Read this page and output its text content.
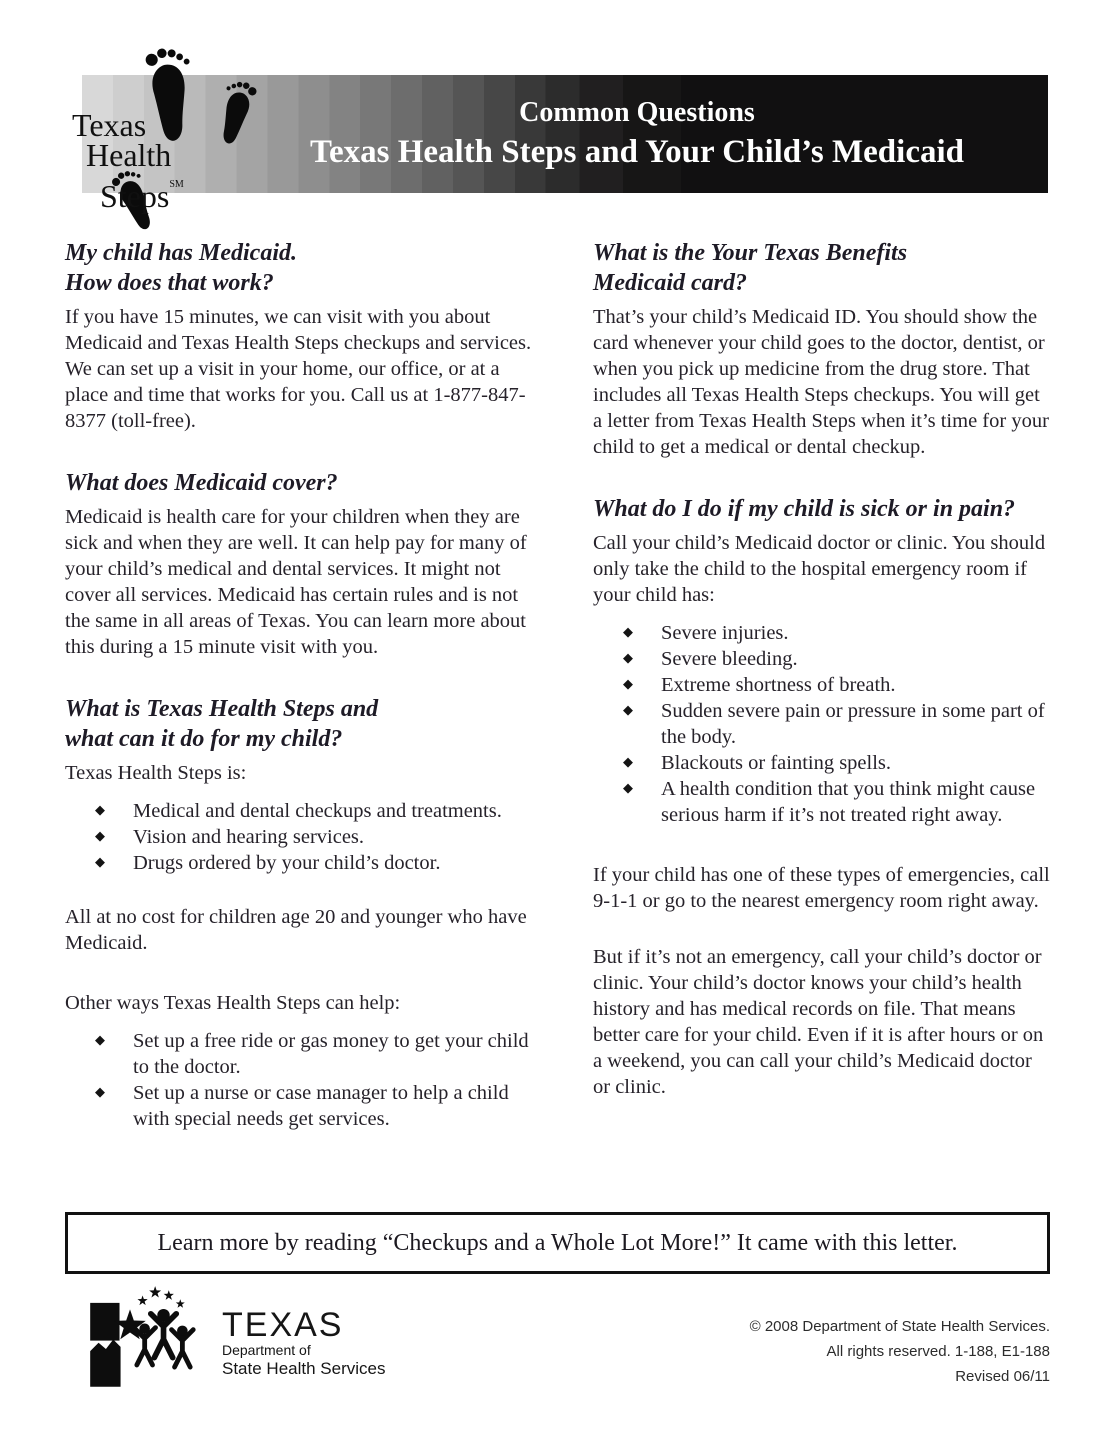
Common Questions
Texas Health Steps and Your Child’s Medicaid
Texas
Health
Steps℠
My child has Medicaid.
How does that work?

If you have 15 minutes, we can visit with you about Medicaid and Texas Health Steps checkups and services. We can set up a visit in your home, our office, or at a place and time that works for you. Call us at 1-877-847-8377 (toll-free).

What does Medicaid cover?

Medicaid is health care for your children when they are sick and when they are well. It can help pay for many of your child’s medical and dental services. It might not cover all services. Medicaid has certain rules and is not the same in all areas of Texas. You can learn more about this during a 15 minute visit with you.

What is Texas Health Steps and
what can it do for my child?

Texas Health Steps is:

◆ Medical and dental checkups and treatments.
◆ Vision and hearing services.
◆ Drugs ordered by your child’s doctor.

All at no cost for children age 20 and younger who have Medicaid.

Other ways Texas Health Steps can help:

◆ Set up a free ride or gas money to get your child to the doctor.
◆ Set up a nurse or case manager to help a child with special needs get services.
What is the Your Texas Benefits
Medicaid card?

That’s your child’s Medicaid ID. You should show the card whenever your child goes to the doctor, dentist, or when you pick up medicine from the drug store. That includes all Texas Health Steps checkups. You will get a letter from Texas Health Steps when it’s time for your child to get a medical or dental checkup.

What do I do if my child is sick or in pain?

Call your child’s Medicaid doctor or clinic. You should only take the child to the hospital emergency room if your child has:

◆ Severe injuries.
◆ Severe bleeding.
◆ Extreme shortness of breath.
◆ Sudden severe pain or pressure in some part of the body.
◆ Blackouts or fainting spells.
◆ A health condition that you think might cause serious harm if it’s not treated right away.

If your child has one of these types of emergencies, call 9-1-1 or go to the nearest emergency room right away.

But if it’s not an emergency, call your child’s doctor or clinic. Your child’s doctor knows your child’s health history and has medical records on file. That means better care for your child. Even if it is after hours or on a weekend, you can call your child’s Medicaid doctor or clinic.

Learn more by reading “Checkups and a Whole Lot More!” It came with this letter.
TEXAS
Department of
State Health Services
© 2008 Department of State Health Services.
All rights reserved. 1-188, E1-188
Revised 06/11
